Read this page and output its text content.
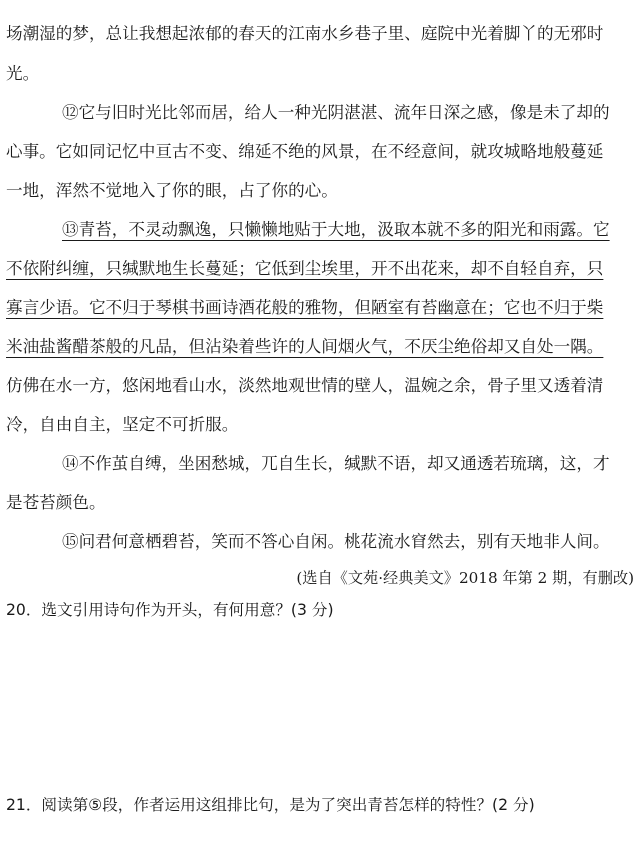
场潮湿的梦，总让我想起浓郁的春天的江南水乡巷子里、庭院中光着脚丫的无邪时
光。
⑫它与旧时光比邻而居，给人一种光阴湛湛、流年日深之感，像是未了却的
心事。它如同记忆中亘古不变、绵延不绝的风景，在不经意间，就攻城略地般蔓延
一地，浑然不觉地入了你的眼，占了你的心。
⑬青苔，不灵动飘逸，只懒懒地贴于大地，汲取本就不多的阳光和雨露。它
不依附纠缠，只缄默地生长蔓延；它低到尘埃里，开不出花来，却不自轻自弃，只
寡言少语。它不归于琴棋书画诗酒花般的雅物，但陋室有苔幽意在；它也不归于柴
米油盐酱醋茶般的凡品，但沾染着些许的人间烟火气，不厌尘绝俗却又自处一隅。
仿佛在水一方，悠闲地看山水，淡然地观世情的壁人，温婉之余，骨子里又透着清
冷，自由自主，坚定不可折服。
⑭不作茧自缚，坐困愁城，兀自生长，缄默不语，却又通透若琉璃，这，才
是苍苔颜色。
⑮问君何意栖碧苔，笑而不答心自闲。桃花流水窅然去，别有天地非人间。
(选自《文苑·经典美文》2018 年第 2 期，有删改)
20．选文引用诗句作为开头，有何用意？(3 分)
21．阅读第⑤段，作者运用这组排比句，是为了突出青苔怎样的特性？(2 分)
